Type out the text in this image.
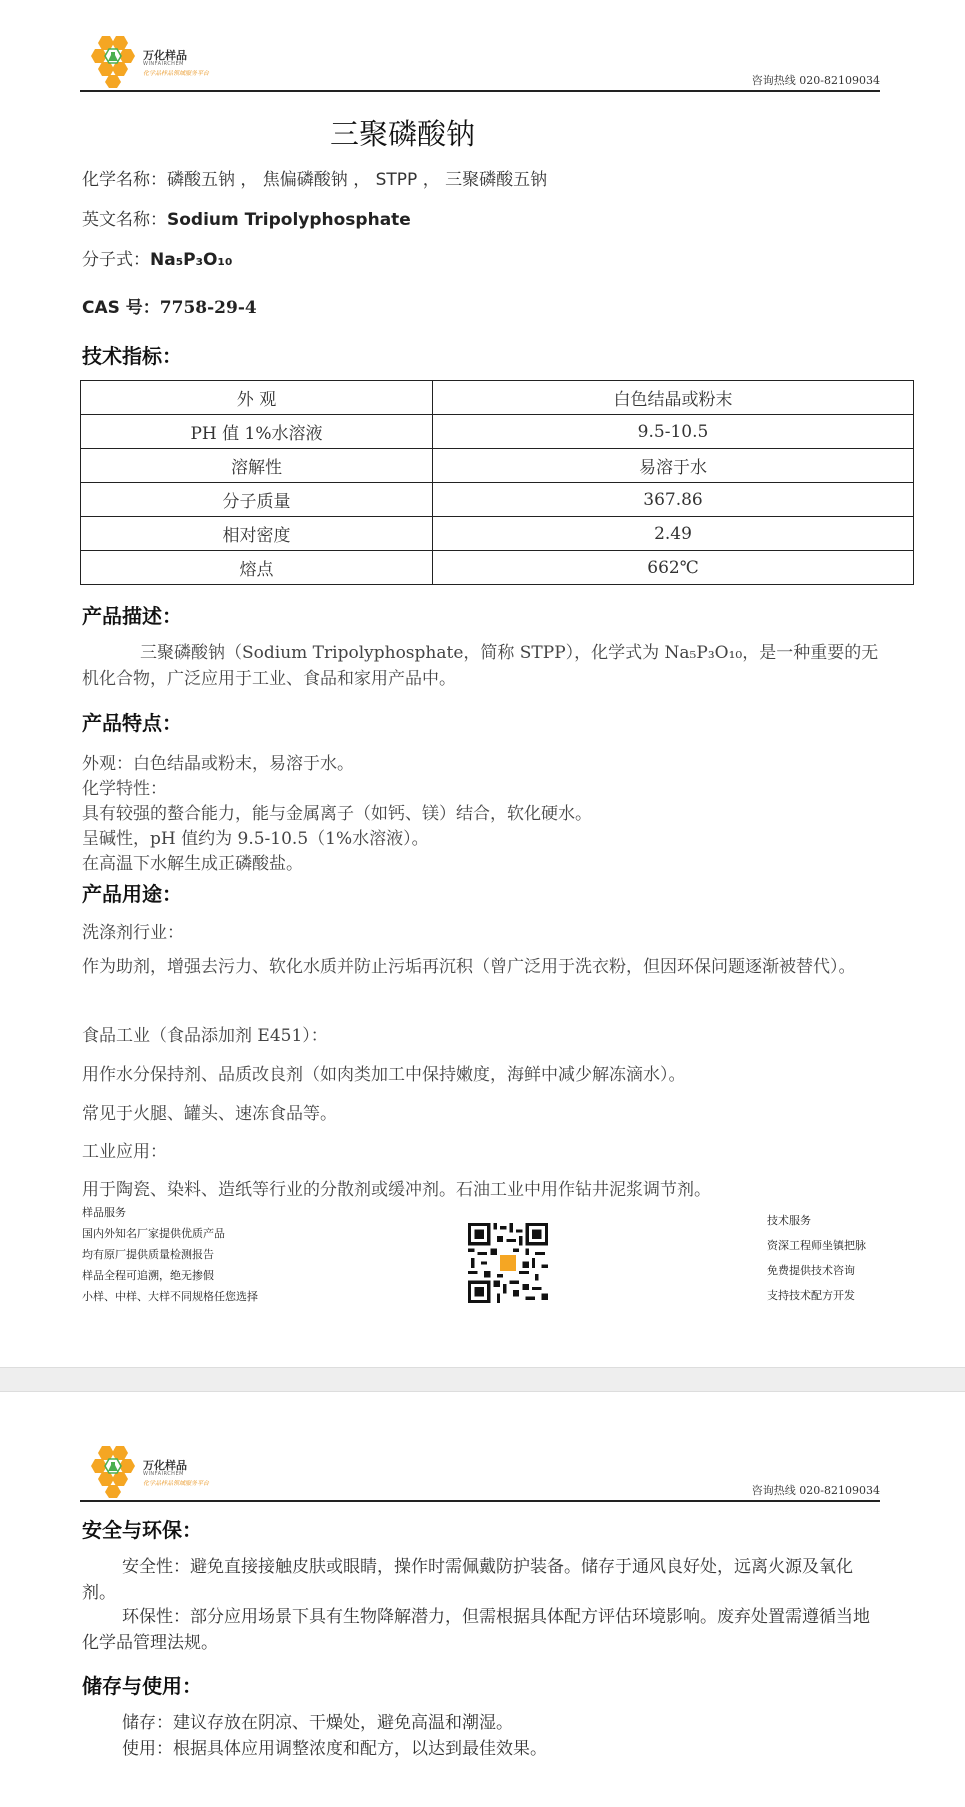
万化样品
WINFAIRCHEM
化学品样品领域服务平台
咨询热线 020-82109034
三聚磷酸钠
化学名称：磷酸五钠 ， 焦偏磷酸钠 ， STPP ， 三聚磷酸五钠
英文名称：Sodium Tripolyphosphate
分子式：Na₅P₃O₁₀
CAS 号：7758-29-4
技术指标：
外 观	白色结晶或粉末
PH 值 1%水溶液	9.5-10.5
溶解性	易溶于水
分子质量	367.86
相对密度	2.49
熔点	662℃
产品描述：
三聚磷酸钠（Sodium Tripolyphosphate，简称 STPP），化学式为 Na₅P₃O₁₀，是一种重要的无机化合物，广泛应用于工业、食品和家用产品中。
产品特点：
外观：白色结晶或粉末，易溶于水。
化学特性：
具有较强的螯合能力，能与金属离子（如钙、镁）结合，软化硬水。
呈碱性，pH 值约为 9.5-10.5（1%水溶液）。
在高温下水解生成正磷酸盐。
产品用途：
洗涤剂行业：
作为助剂，增强去污力、软化水质并防止污垢再沉积（曾广泛用于洗衣粉，但因环保问题逐渐被替代）。
食品工业（食品添加剂 E451）：
用作水分保持剂、品质改良剂（如肉类加工中保持嫩度，海鲜中减少解冻滴水）。
常见于火腿、罐头、速冻食品等。
工业应用：
用于陶瓷、染料、造纸等行业的分散剂或缓冲剂。石油工业中用作钻井泥浆调节剂。
样品服务
国内外知名厂家提供优质产品
均有原厂提供质量检测报告
样品全程可追溯，绝无掺假
小样、中样、大样不同规格任您选择
技术服务
资深工程师坐镇把脉
免费提供技术咨询
支持技术配方开发
万化样品
WINFAIRCHEM
化学品样品领域服务平台
咨询热线 020-82109034
安全与环保：
安全性：避免直接接触皮肤或眼睛，操作时需佩戴防护装备。储存于通风良好处，远离火源及氧化剂。
环保性：部分应用场景下具有生物降解潜力，但需根据具体配方评估环境影响。废弃处置需遵循当地化学品管理法规。
储存与使用：
储存：建议存放在阴凉、干燥处，避免高温和潮湿。
使用：根据具体应用调整浓度和配方，以达到最佳效果。
